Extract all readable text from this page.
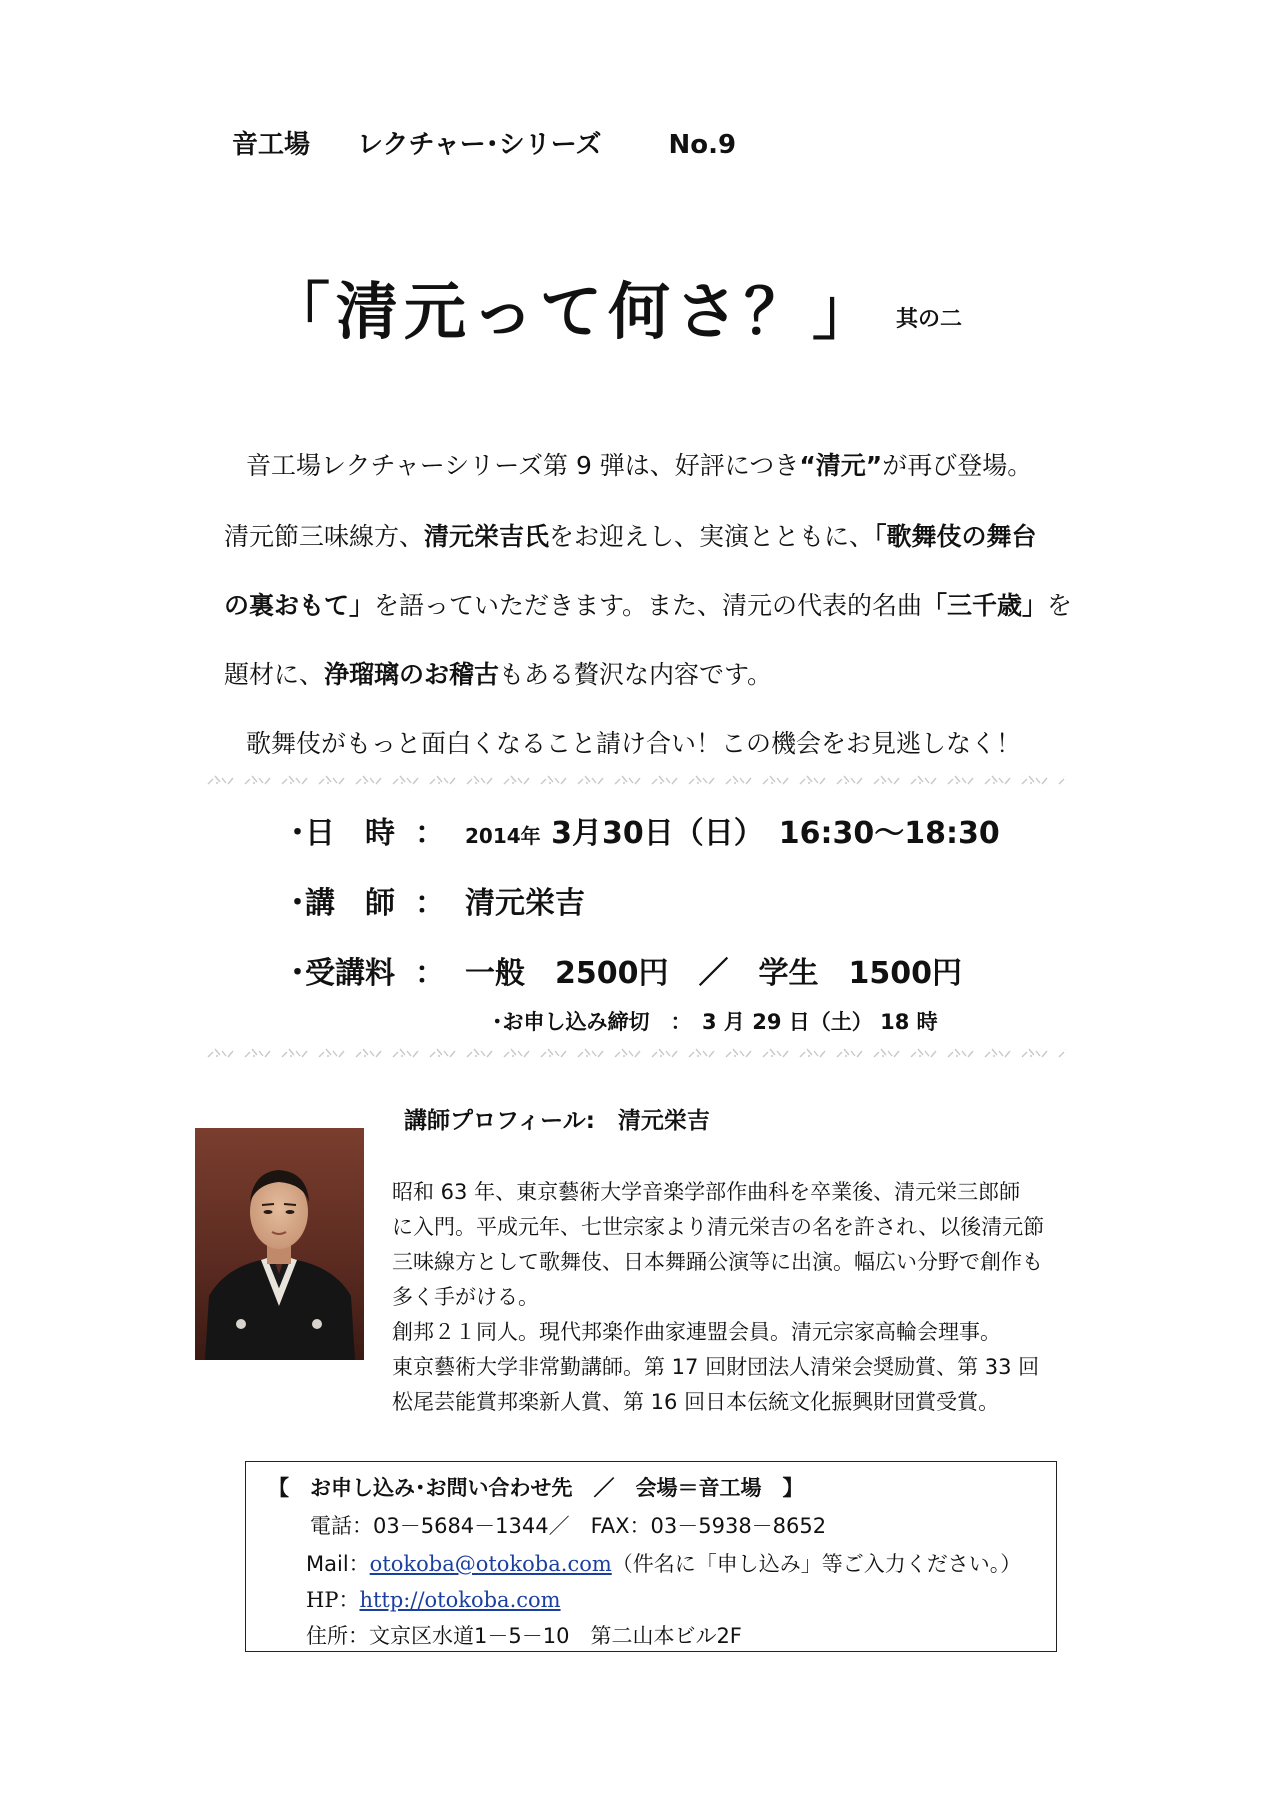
音工場 レクチャー･シリーズ	No.9
「清元って何さ？」 其の二
音工場レクチャーシリーズ第 9 弾は、好評につき“清元”が再び登場。
清元節三味線方、清元栄吉氏をお迎えし、実演とともに、「歌舞伎の舞台
の裏おもて」を語っていただきます。また、清元の代表的名曲「三千歳」を
題材に、浄瑠璃のお稽古もある贅沢な内容です。
歌舞伎がもっと面白くなること請け合い！この機会をお見逃しなく！
･日　時 ： 2014年 3月30日（日）　16:30～18:30
･講　師 ： 清元栄吉
･受講料 ： 一般　2500円　／　学生　1500円
･お申し込み締切　：　3 月 29 日（土） 18 時
講師プロフィール:　清元栄吉
昭和 63 年、東京藝術大学音楽学部作曲科を卒業後、清元栄三郎師
に入門。平成元年、七世宗家より清元栄吉の名を許され、以後清元節
三味線方として歌舞伎、日本舞踊公演等に出演。幅広い分野で創作も
多く手がける。
創邦２１同人。現代邦楽作曲家連盟会員。清元宗家高輪会理事。
東京藝術大学非常勤講師。第 17 回財団法人清栄会奨励賞、第 33 回
松尾芸能賞邦楽新人賞、第 16 回日本伝統文化振興財団賞受賞。
【　お申し込み･お問い合わせ先　／　会場＝音工場　】
電話：03－5684－1344／　FAX：03－5938－8652
Mail：otokoba@otokoba.com（件名に「申し込み」等ご入力ください。）
HP：http://otokoba.com
住所：文京区水道1－5－10　第二山本ビル2F
